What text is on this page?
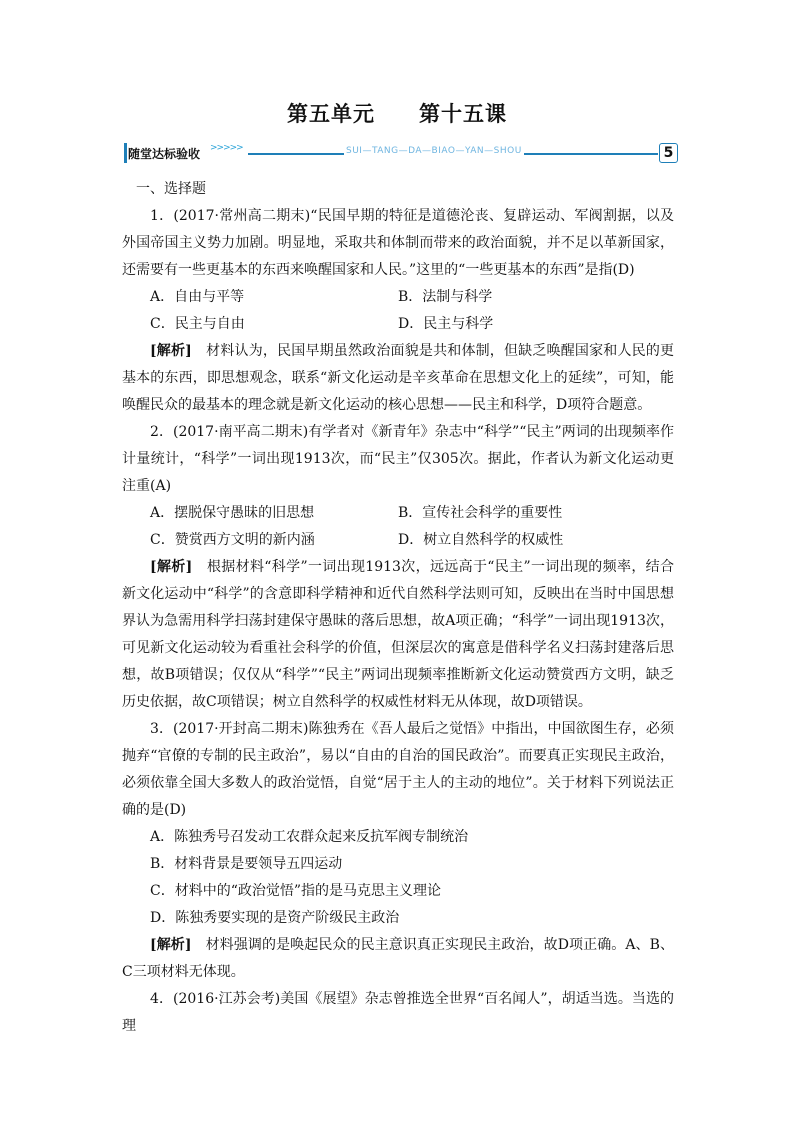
第五单元 第十五课
随堂达标验收 >>>>>	SUI—TANG—DA—BIAO—YAN—SHOU	5

一、选择题

1．(2017·常州高二期末)“民国早期的特征是道德沦丧、复辟运动、军阀割据，以及外国帝国主义势力加剧。明显地，采取共和体制而带来的政治面貌，并不足以革新国家，还需要有一些更基本的东西来唤醒国家和人民。”这里的“一些更基本的东西”是指(D)

A．自由与平等	B．法制与科学
C．民主与自由	D．民主与科学

[解析]　材料认为，民国早期虽然政治面貌是共和体制，但缺乏唤醒国家和人民的更基本的东西，即思想观念，联系“新文化运动是辛亥革命在思想文化上的延续”，可知，能唤醒民众的最基本的理念就是新文化运动的核心思想——民主和科学，D项符合题意。

2．(2017·南平高二期末)有学者对《新青年》杂志中“科学”“民主”两词的出现频率作计量统计，“科学”一词出现1913次，而“民主”仅305次。据此，作者认为新文化运动更注重(A)

A．摆脱保守愚昧的旧思想	B．宣传社会科学的重要性
C．赞赏西方文明的新内涵	D．树立自然科学的权威性

[解析]　根据材料“科学”一词出现1913次，远远高于“民主”一词出现的频率，结合新文化运动中“科学”的含意即科学精神和近代自然科学法则可知，反映出在当时中国思想界认为急需用科学扫荡封建保守愚昧的落后思想，故A项正确；“科学”一词出现1913次，可见新文化运动较为看重社会科学的价值，但深层次的寓意是借科学名义扫荡封建落后思想，故B项错误；仅仅从“科学”“民主”两词出现频率推断新文化运动赞赏西方文明，缺乏历史依据，故C项错误；树立自然科学的权威性材料无从体现，故D项错误。

3．(2017·开封高二期末)陈独秀在《吾人最后之觉悟》中指出，中国欲图生存，必须抛弃“官僚的专制的民主政治”，易以“自由的自治的国民政治”。而要真正实现民主政治，必须依靠全国大多数人的政治觉悟，自觉“居于主人的主动的地位”。关于材料下列说法正确的是(D)

A．陈独秀号召发动工农群众起来反抗军阀专制统治

B．材料背景是要领导五四运动

C．材料中的“政治觉悟”指的是马克思主义理论

D．陈独秀要实现的是资产阶级民主政治

[解析]　材料强调的是唤起民众的民主意识真正实现民主政治，故D项正确。A、B、C三项材料无体现。

4．(2016·江苏会考)美国《展望》杂志曾推选全世界“百名闻人”，胡适当选。当选的理
